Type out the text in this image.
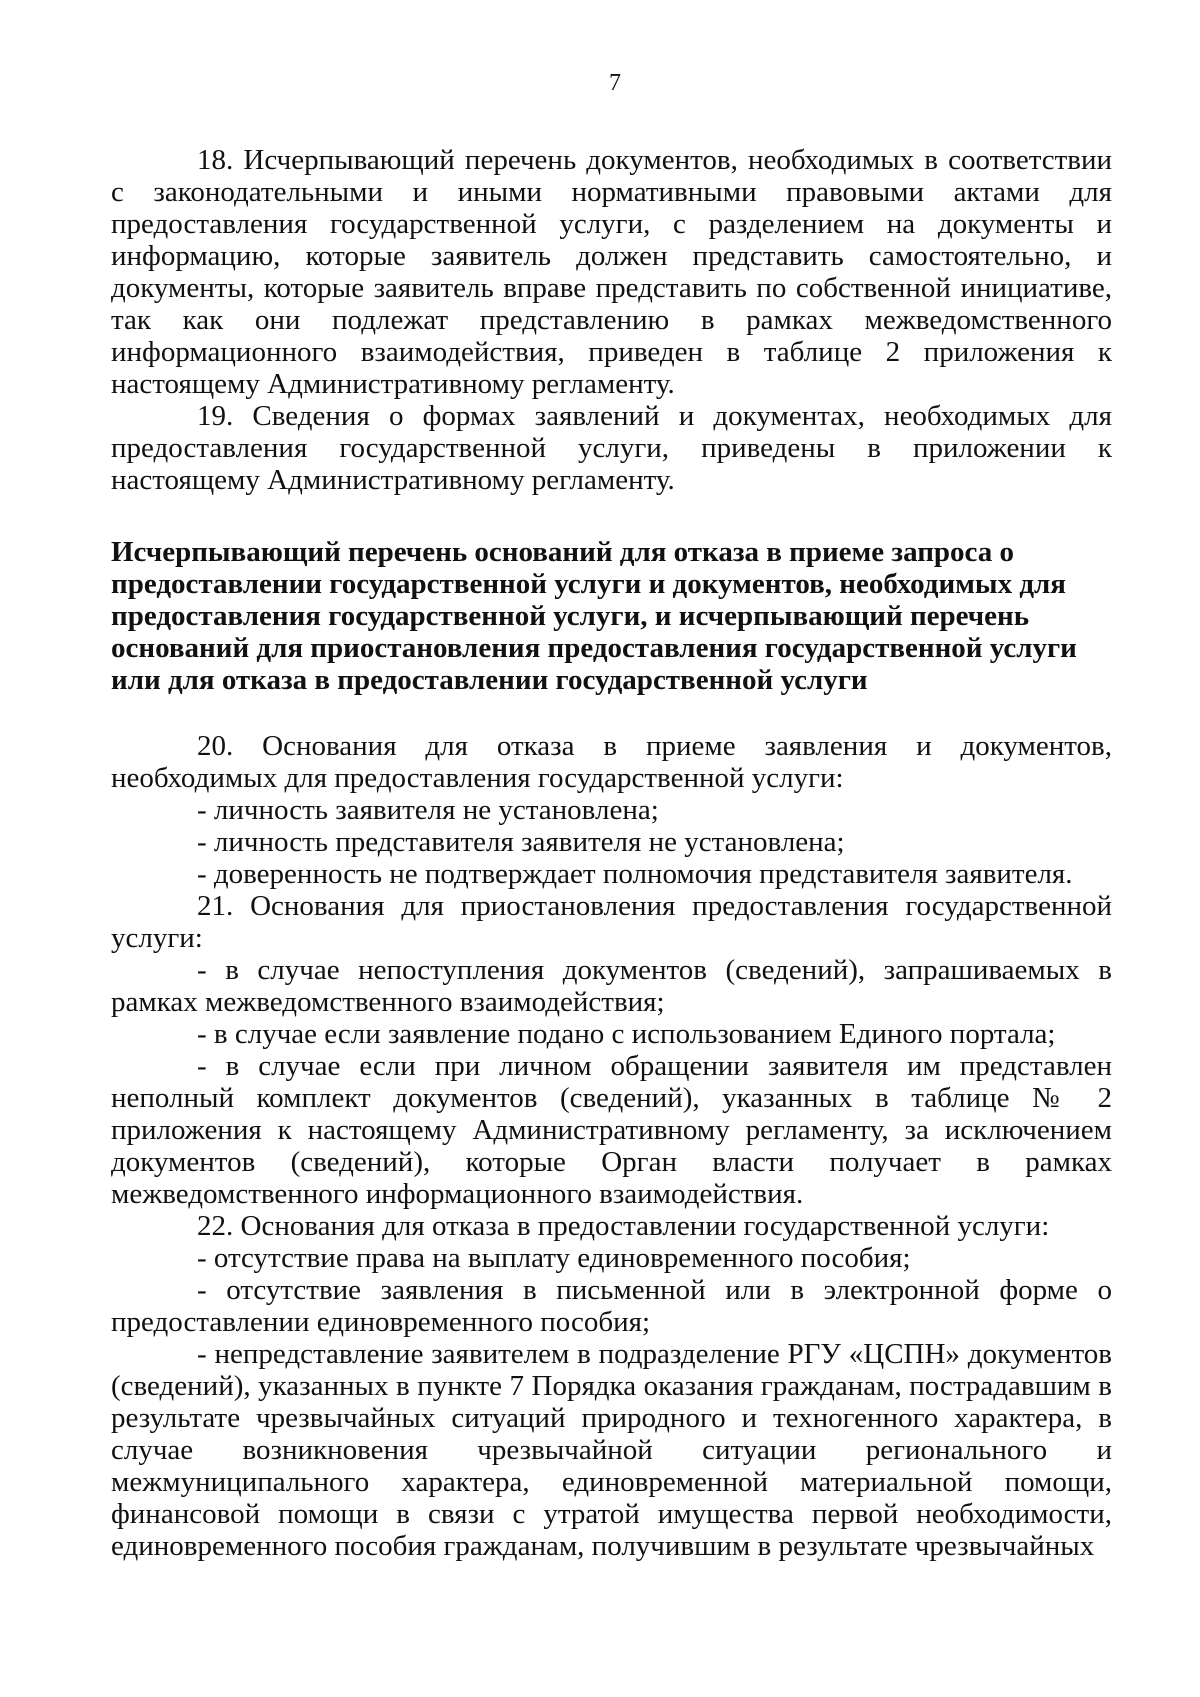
7

18. Исчерпывающий перечень документов, необходимых в соответствии с законодательными и иными нормативными правовыми актами для предоставления государственной услуги, с разделением на документы и информацию, которые заявитель должен представить самостоятельно, и документы, которые заявитель вправе представить по собственной инициативе, так как они подлежат представлению в рамках межведомственного информационного взаимодействия, приведен в таблице 2 приложения к настоящему Административному регламенту.

19. Сведения о формах заявлений и документах, необходимых для предоставления государственной услуги, приведены в приложении к настоящему Административному регламенту.

Исчерпывающий перечень оснований для отказа в приеме запроса о
предоставлении государственной услуги и документов, необходимых для
предоставления государственной услуги, и исчерпывающий перечень
оснований для приостановления предоставления государственной услуги
или для отказа в предоставлении государственной услуги

20. Основания для отказа в приеме заявления и документов, необходимых для предоставления государственной услуги:

- личность заявителя не установлена;

- личность представителя заявителя не установлена;

- доверенность не подтверждает полномочия представителя заявителя.

21. Основания для приостановления предоставления государственной услуги:

- в случае непоступления документов (сведений), запрашиваемых в рамках межведомственного взаимодействия;

- в случае если заявление подано с использованием Единого портала;

- в случае если при личном обращении заявителя им представлен неполный комплект документов (сведений), указанных в таблице № 2 приложения к настоящему Административному регламенту, за исключением документов (сведений), которые Орган власти получает в рамках межведомственного информационного взаимодействия.

22. Основания для отказа в предоставлении государственной услуги:

- отсутствие права на выплату единовременного пособия;

- отсутствие заявления в письменной или в электронной форме о предоставлении единовременного пособия;

- непредставление заявителем в подразделение РГУ «ЦСПН» документов (сведений), указанных в пункте 7 Порядка оказания гражданам, пострадавшим в результате чрезвычайных ситуаций природного и техногенного характера, в случае возникновения чрезвычайной ситуации регионального и межмуниципального характера, единовременной материальной помощи, финансовой помощи в связи с утратой имущества первой необходимости, единовременного пособия гражданам, получившим в результате чрезвычайных
